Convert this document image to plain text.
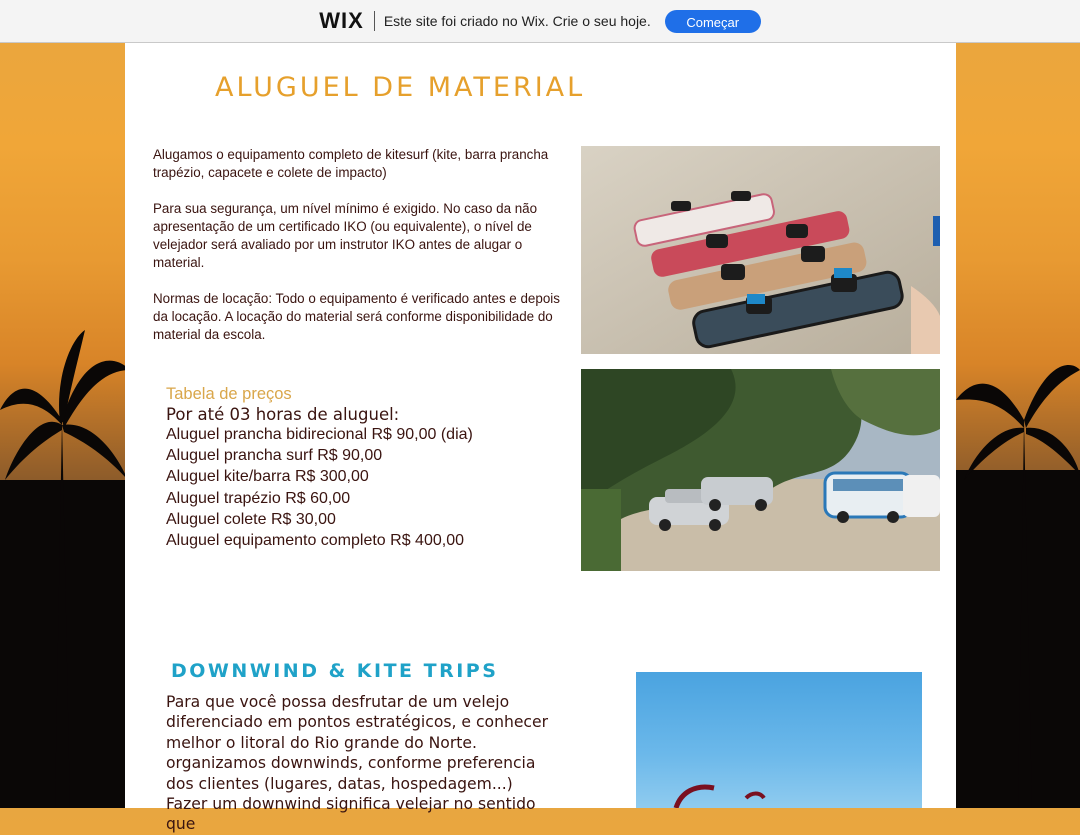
WIX Este site foi criado no Wix. Crie o seu hoje.	Começar
ALUGUEL DE MATERIAL

Alugamos o equipamento completo de kitesurf (kite, barra prancha trapézio, capacete e colete de impacto)

Para sua segurança, um nível mínimo é exigido. No caso da não apresentação de um certificado IKO (ou equivalente), o nível de velejador será avaliado por um instrutor IKO antes de alugar o material.

Normas de locação: Todo o equipamento é verificado antes e depois da locação. A locação do material será conforme disponibilidade do material da escola.

Tabela de preços

Por até 03 horas de aluguel:

Aluguel prancha bidirecional R$ 90,00 (dia)
Aluguel prancha surf R$ 90,00
Aluguel kite/barra R$ 300,00
Aluguel trapézio R$ 60,00
Aluguel colete R$ 30,00
Aluguel equipamento completo R$ 400,00
DOWNWIND & KITE TRIPS

Para que você possa desfrutar de um velejo diferenciado em pontos estratégicos, e conhecer melhor o litoral do Rio grande do Norte. organizamos downwinds, conforme preferencia dos clientes (lugares, datas, hospedagem...) Fazer um downwind significa velejar no sentido que
